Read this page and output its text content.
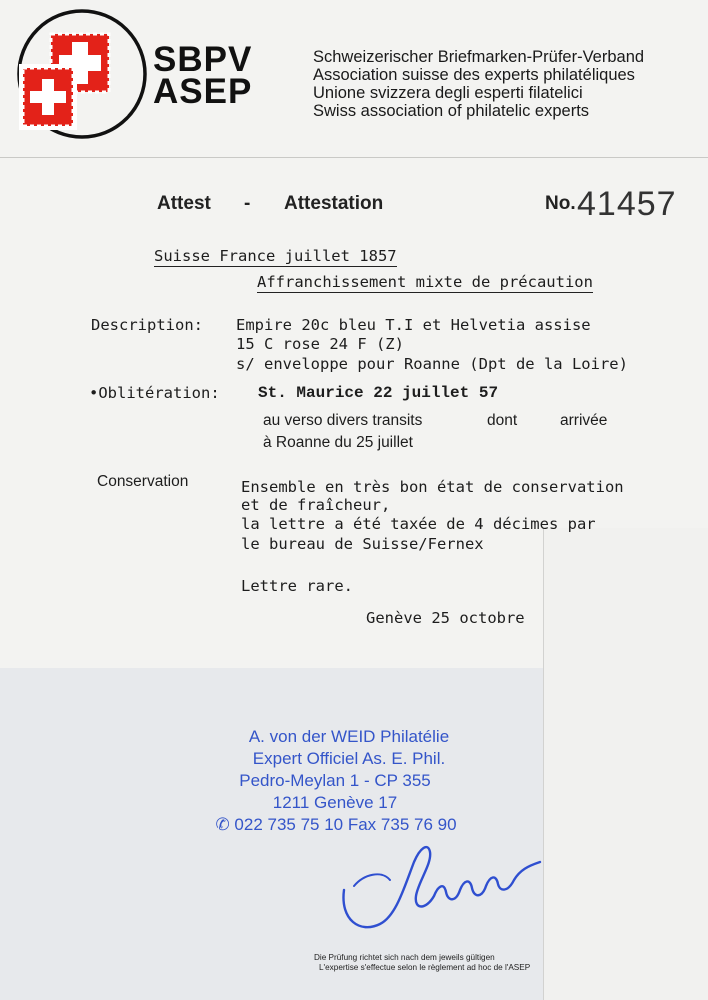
SBPV
ASEP
Schweizerischer Briefmarken-Prüfer-Verband
Association suisse des experts philatéliques
Unione svizzera degli esperti filatelici
Swiss association of philatelic experts
Attest - Attestation	No. 41457
Suisse France juillet 1857
Affranchissement mixte de précaution
Description: Empire 20c bleu T.I et Helvetia assise
15 C rose 24 F (Z)
s/ enveloppe pour Roanne (Dpt de la Loire)
•Oblitération: St. Maurice 22 juillet 57
au verso divers transits	dont	arrivée
à Roanne du 25 juillet
Conservation	Ensemble en très bon état de conservation
et de fraîcheur,
la lettre a été taxée de 4 décimes par
le bureau de Suisse/Fernex
Lettre rare.
Genève 25 octobre
A. von der WEID Philatélie
Expert Officiel As. E. Phil.
Pedro-Meylan 1 - CP 355
1211 Genève 17
✆ 022 735 75 10 Fax 735 76 90
Die Prüfung richtet sich nach dem jeweils gültigen
L'expertise s'effectue selon le règlement ad hoc de l'ASEP
